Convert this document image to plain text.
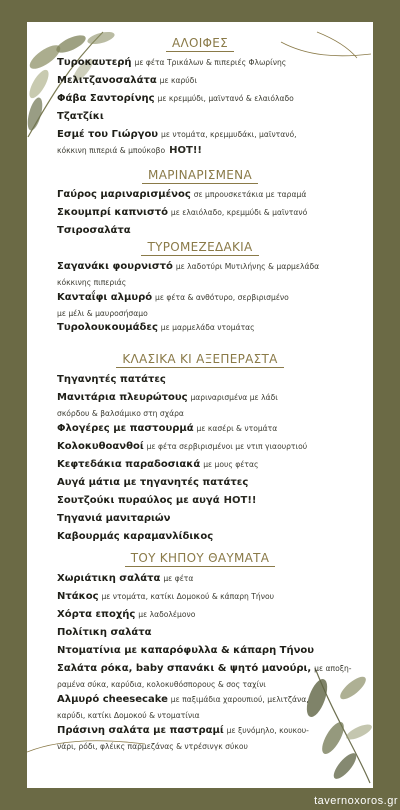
ΑΛΟΙΦΕΣ
Τυροκαυτερή με φέτα Τρικάλων & πιπεριές Φλωρίνης
Μελιτζανοσαλάτα με καρύδι
Φάβα Σαντορίνης με κρεμμύδι, μαϊντανό & ελαιόλαδο
Τζατζίκι
Εσμέ του Γιώργου με ντομάτα, κρεμμυδάκι, μαϊντανό,
κόκκινη πιπεριά & μπούκοβο HOT!!
ΜΑΡΙΝΑΡΙΣΜΕΝΑ
Γαύρος μαριναρισμένος σε μπρουσκετάκια με ταραμά
Σκουμπρί καπνιστό με ελαιόλαδο, κρεμμύδι & μαϊντανό
Τσιροσαλάτα
ΤΥΡΟΜΕΖΕΔΑΚΙΑ
Σαγανάκι φουρνιστό με λαδοτύρι Μυτιλήνης & μαρμελάδα
κόκκινης πιπεριάς
Κανταΐφι αλμυρό με φέτα & ανθότυρο, σερβιρισμένο
με μέλι & μαυροσήσαμο
Τυρολουκουμάδες με μαρμελάδα ντομάτας
ΚΛΑΣΙΚΑ ΚΙ ΑΞΕΠΕΡΑΣΤΑ
Τηγανητές πατάτες
Μανιτάρια πλευρώτους μαριναρισμένα με λάδι
σκόρδου & βαλσάμικο στη σχάρα
Φλογέρες με παστουρμά με κασέρι & ντομάτα
Κολοκυθοανθοί με φέτα σερβιρισμένοι με ντιπ γιαουρτιού
Κεφτεδάκια παραδοσιακά με μους φέτας
Αυγά μάτια με τηγανητές πατάτες
Σουτζούκι πυραύλος με αυγά HOT!!
Τηγανιά μανιταριών
Καβουρμάς καραμανλίδικος
ΤΟΥ ΚΗΠΟΥ ΘΑΥΜΑΤΑ
Χωριάτικη σαλάτα με φέτα
Ντάκος με ντομάτα, κατίκι Δομοκού & κάπαρη Τήνου
Χόρτα εποχής με λαδολέμονο
Πολίτικη σαλάτα
Ντοματίνια με καπαρόφυλλα & κάπαρη Τήνου
Σαλάτα ρόκα, baby σπανάκι & ψητό μανούρι, με αποξη-
ραμένα σύκα, καρύδια, κολοκυθόσπορους & σος ταχίνι
Αλμυρό cheesecake με παξιμάδια χαρουπιού, μελιτζάνα,
καρύδι, κατίκι Δομοκού & ντοματίνια
Πράσινη σαλάτα με παστραμί με ξυνόμηλο, κουκου-
νάρι, ρόδι, φλέικς παρμεζάνας & ντρέσινγκ σύκου
tavernoxoros.gr
